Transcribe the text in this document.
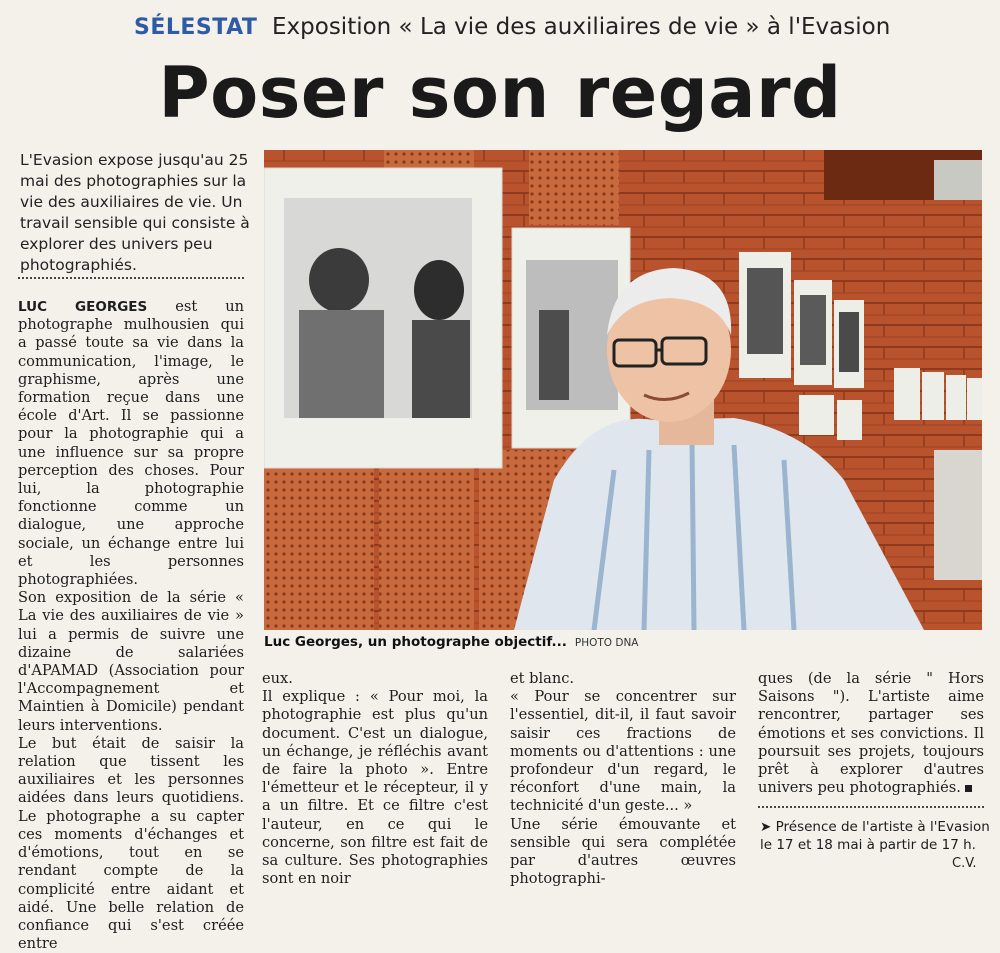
SÉLESTAT Exposition « La vie des auxiliaires de vie » à l'Evasion
Poser son regard
L'Evasion expose jusqu'au 25 mai des photographies sur la vie des auxiliaires de vie. Un travail sensible qui consiste à explorer des univers peu photographiés.
Luc Georges, un photographe objectif... PHOTO DNA

LUC GEORGES est un photographe mulhousien qui a passé toute sa vie dans la communication, l'image, le graphisme, après une formation reçue dans une école d'Art. Il se passionne pour la photographie qui a une influence sur sa propre perception des choses. Pour lui, la photographie fonctionne comme un dialogue, une approche sociale, un échange entre lui et les personnes photographiées.

Son exposition de la série « La vie des auxiliaires de vie » lui a permis de suivre une dizaine de salariées d'APAMAD (Association pour l'Accompagnement et Maintien à Domicile) pendant leurs interventions.

Le but était de saisir la relation que tissent les auxiliaires et les personnes aidées dans leurs quotidiens. Le photographe a su capter ces moments d'échanges et d'émotions, tout en se rendant compte de la complicité entre aidant et aidé. Une belle relation de confiance qui s'est créée entre

eux.

Il explique : « Pour moi, la photographie est plus qu'un document. C'est un dialogue, un échange, je réfléchis avant de faire la photo ». Entre l'émetteur et le récepteur, il y a un filtre. Et ce filtre c'est l'auteur, en ce qui le concerne, son filtre est fait de sa culture. Ses photographies sont en noir

et blanc.

« Pour se concentrer sur l'essentiel, dit-il, il faut savoir saisir ces fractions de moments ou d'attentions : une profondeur d'un regard, le réconfort d'une main, la technicité d'un geste... »

Une série émouvante et sensible qui sera complétée par d'autres œuvres photographi-

ques (de la série " Hors Saisons "). L'artiste aime rencontrer, partager ses émotions et ses convictions. Il poursuit ses projets, toujours prêt à explorer d'autres univers peu photographiés.

➤ Présence de l'artiste à l'Evasion le 17 et 18 mai à partir de 17 h.
C.V.
